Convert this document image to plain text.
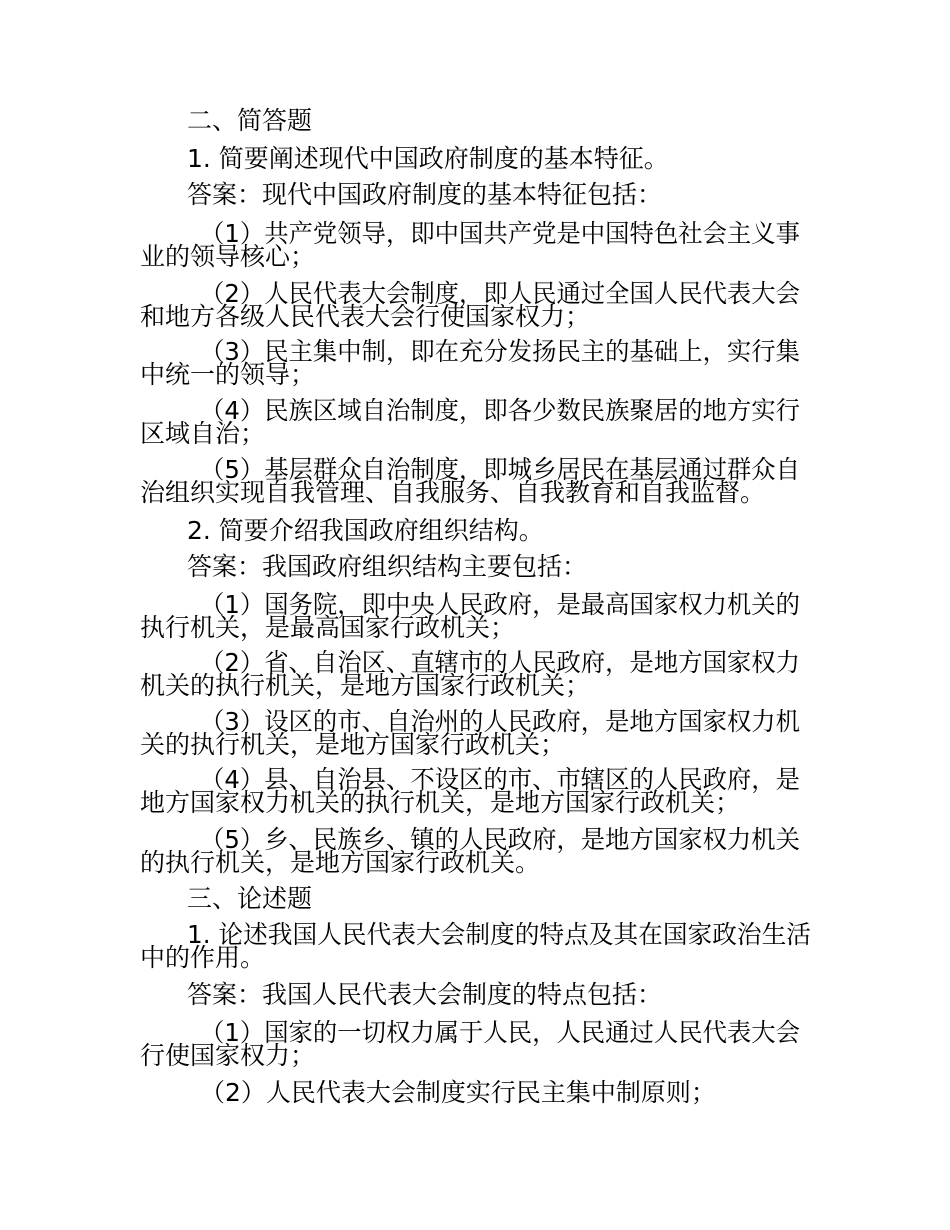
二、简答题

1. 简要阐述现代中国政府制度的基本特征。

答案：现代中国政府制度的基本特征包括：

（1）共产党领导，即中国共产党是中国特色社会主义事

业的领导核心；

（2）人民代表大会制度，即人民通过全国人民代表大会

和地方各级人民代表大会行使国家权力；

（3）民主集中制，即在充分发扬民主的基础上，实行集

中统一的领导；

（4）民族区域自治制度，即各少数民族聚居的地方实行

区域自治；

（5）基层群众自治制度，即城乡居民在基层通过群众自

治组织实现自我管理、自我服务、自我教育和自我监督。

2. 简要介绍我国政府组织结构。

答案：我国政府组织结构主要包括：

（1）国务院，即中央人民政府，是最高国家权力机关的

执行机关，是最高国家行政机关；

（2）省、自治区、直辖市的人民政府，是地方国家权力

机关的执行机关，是地方国家行政机关；

（3）设区的市、自治州的人民政府，是地方国家权力机

关的执行机关，是地方国家行政机关；

（4）县、自治县、不设区的市、市辖区的人民政府，是

地方国家权力机关的执行机关，是地方国家行政机关；

（5）乡、民族乡、镇的人民政府，是地方国家权力机关

的执行机关，是地方国家行政机关。

三、论述题

1. 论述我国人民代表大会制度的特点及其在国家政治生活

中的作用。

答案：我国人民代表大会制度的特点包括：

（1）国家的一切权力属于人民，人民通过人民代表大会

行使国家权力；

（2）人民代表大会制度实行民主集中制原则；
